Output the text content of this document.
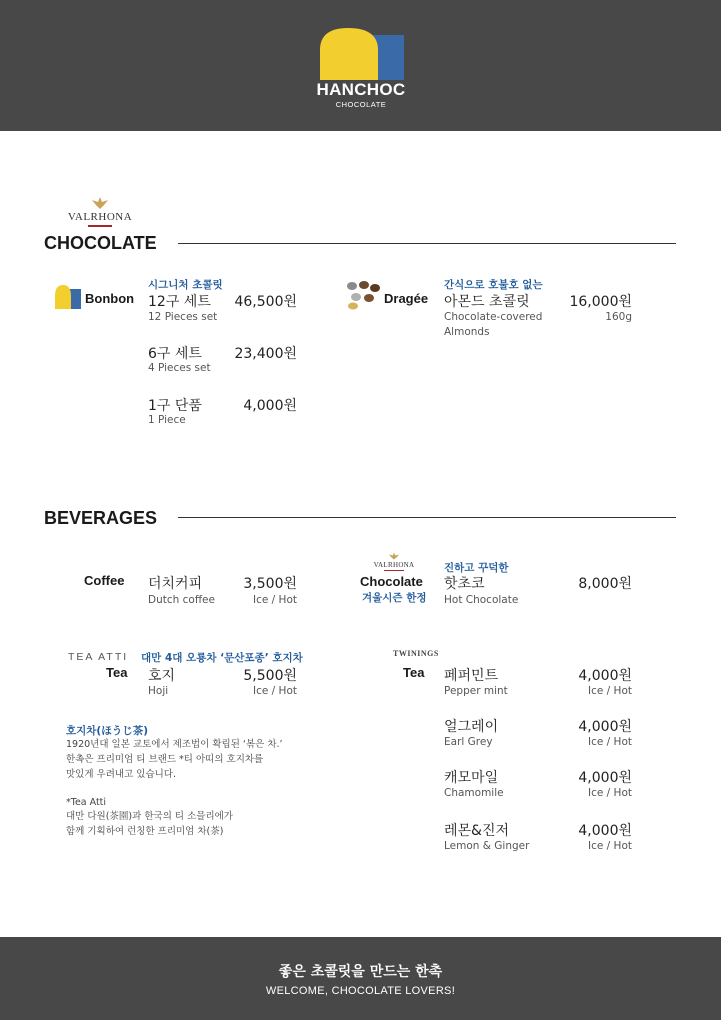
HANCHOC
CHOCOLATE
VALRHONA
CHOCOLATE
Bonbon
시그니처 초콜릿
12구 세트
12 Pieces set
46,500원
6구 세트
4 Pieces set
23,400원
1구 단품
1 Piece
4,000원
Dragée
간식으로 호불호 없는
아몬드 초콜릿
Chocolate-covered
Almonds
16,000원
160g
BEVERAGES
Coffee 더치커피
Dutch coffee
3,500원
Ice / Hot
VALRHONA
Chocolate
겨울시즌 한정
진하고 꾸덕한
핫초코
Hot Chocolate
8,000원
TEA ATTI
Tea
대만 4대 오룡차 ‘문산포종’ 호지차
호지
Hoji
5,500원
Ice / Hot
호지차(ほうじ茶)
1920년대 일본 교토에서 제조법이 확립된 ‘볶은 차.’
한촉은 프리미엄 티 브랜드 *티 아띠의 호지차를
맛있게 우려내고 있습니다.
*Tea Atti
대만 다원(茶園)과 한국의 티 소믈리에가
함께 기획하여 런칭한 프리미엄 차(茶)
TWININGS
Tea 페퍼민트
Pepper mint
4,000원
Ice / Hot
얼그레이
Earl Grey
4,000원
Ice / Hot
캐모마일
Chamomile
4,000원
Ice / Hot
레몬&진저
Lemon & Ginger
4,000원
Ice / Hot
좋은 초콜릿을 만드는 한촉
WELCOME, CHOCOLATE LOVERS!
